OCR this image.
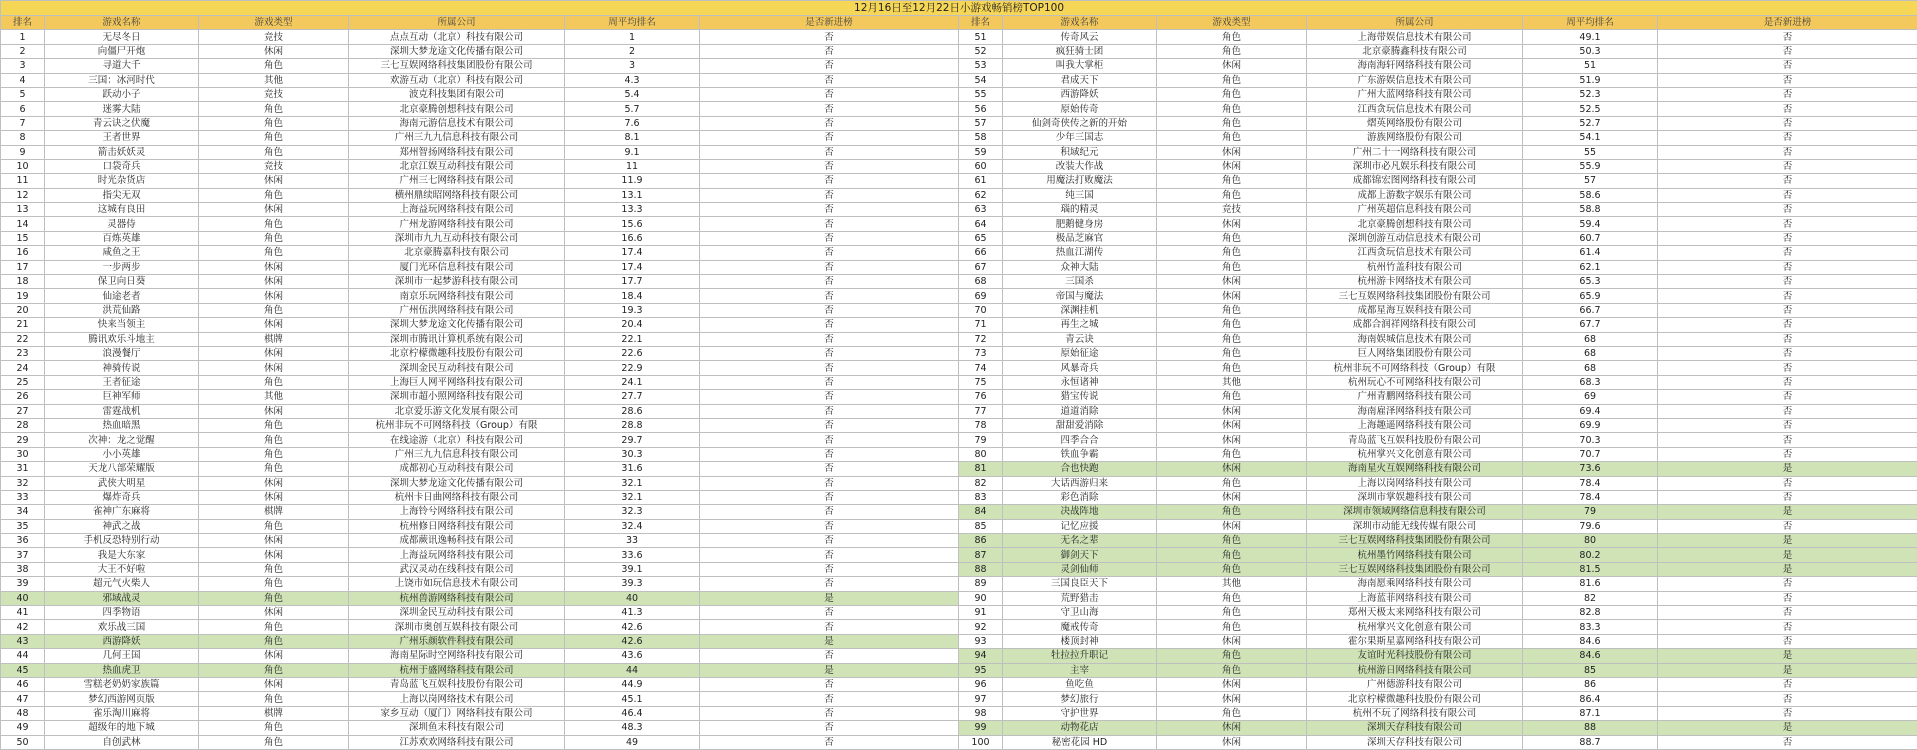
12月16日至12月22日小游戏畅销榜TOP100											
排名	游戏名称	游戏类型	所属公司	周平均排名	是否新进榜	排名	游戏名称	游戏类型	所属公司	周平均排名	是否新进榜
1	无尽冬日	竞技	点点互动（北京）科技有限公司	1	否	51	传奇风云	角色	上海带娱信息技术有限公司	49.1	否
2	向僵尸开炮	休闲	深圳大梦龙途文化传播有限公司	2	否	52	疯狂骑士团	角色	北京豪腾鑫科技有限公司	50.3	否
3	寻道大千	角色	三七互娱网络科技集团股份有限公司	3	否	53	叫我大掌柜	休闲	海南海轩网络科技有限公司	51	否
4	三国：冰河时代	其他	欢游互动（北京）科技有限公司	4.3	否	54	君成天下	角色	广东游娱信息技术有限公司	51.9	否
5	跃动小子	竞技	波克科技集团有限公司	5.4	否	55	西游降妖	角色	广州大蓝网络科技有限公司	52.3	否
6	迷雾大陆	角色	北京豪腾创想科技有限公司	5.7	否	56	原始传奇	角色	江西贪玩信息技术有限公司	52.5	否
7	青云诀之伏魔	角色	海南元游信息技术有限公司	7.6	否	57	仙剑奇侠传之新的开始	角色	熠英网络股份有限公司	52.7	否
8	王者世界	角色	广州三九九信息科技有限公司	8.1	否	58	少年三国志	角色	游族网络股份有限公司	54.1	否
9	箭击妖妖灵	角色	郑州智扬网络科技有限公司	9.1	否	59	积域纪元	休闲	广州二十一网络科技有限公司	55	否
10	口袋奇兵	竞技	北京江娱互动科技有限公司	11	否	60	改装大作战	休闲	深圳市必凡娱乐科技有限公司	55.9	否
11	时光杂货店	休闲	广州三七网络科技有限公司	11.9	否	61	用魔法打败魔法	角色	成都锦宏图网络科技有限公司	57	否
12	指尖无双	角色	横州鼎续昭网络科技有限公司	13.1	否	62	纯三国	角色	成都上游数字娱乐有限公司	58.6	否
13	这城有良田	休闲	上海益玩网络科技有限公司	13.3	否	63	瑙的精灵	竞技	广州英超信息科技有限公司	58.8	否
14	灵器侍	角色	广州龙游网络科技有限公司	15.6	否	64	肥鹅健身房	休闲	北京豪腾创想科技有限公司	59.4	否
15	百炼英雄	角色	深圳市九九互动科技有限公司	16.6	否	65	极品芝麻官	角色	深圳创游互动信息技术有限公司	60.7	否
16	咸鱼之王	角色	北京豪腾嘉科技有限公司	17.4	否	66	热血江湖传	角色	江西贪玩信息技术有限公司	61.4	否
17	一步两步	休闲	厦门光环信息科技有限公司	17.4	否	67	众神大陆	角色	杭州竹盖科技有限公司	62.1	否
18	保卫向日葵	休闲	深圳市一起梦游科技有限公司	17.7	否	68	三国杀	休闲	杭州游卡网络技术有限公司	65.3	否
19	仙途老者	休闲	南京乐玩网络科技有限公司	18.4	否	69	帝国与魔法	休闲	三七互娱网络科技集团股份有限公司	65.9	否
20	洪荒仙路	角色	广州伍洪网络科技有限公司	19.3	否	70	深渊挂机	角色	成都星海互娱科技有限公司	66.7	否
21	快来当领主	休闲	深圳大梦龙途文化传播有限公司	20.4	否	71	再生之城	角色	成都合润祥网络科技有限公司	67.7	否
22	腾讯欢乐斗地主	棋牌	深圳市腾讯计算机系统有限公司	22.1	否	72	青云诀	角色	海南娱城信息技术有限公司	68	否
23	浪漫餐厅	休闲	北京柠檬微趣科技股份有限公司	22.6	否	73	原始征途	角色	巨人网络集团股份有限公司	68	否
24	神骑传说	休闲	深圳金民互动科技有限公司	22.9	否	74	风暴奇兵	角色	杭州非玩不可网络科技（Group）有限	68	否
25	王者征途	角色	上海巨人网平网络科技有限公司	24.1	否	75	永恒诸神	其他	杭州玩心不可网络科技有限公司	68.3	否
26	巨神军师	其他	深圳市超小照网络科技有限公司	27.7	否	76	猎宝传说	角色	广州青鹏网络科技有限公司	69	否
27	雷霆战机	休闲	北京爱乐游文化发展有限公司	28.6	否	77	道道消除	休闲	海南雇泽网络科技有限公司	69.4	否
28	热血暗黑	角色	杭州非玩不可网络科技（Group）有限	28.8	否	78	甜甜爱消除	休闲	上海趣遥网络科技有限公司	69.9	否
29	次神：龙之觉醒	角色	在线途游（北京）科技有限公司	29.7	否	79	四季合合	休闲	青岛蓝飞互娱科技股份有限公司	70.3	否
30	小小英雄	角色	广州三九九信息科技有限公司	30.3	否	80	铁血争霸	角色	杭州掌兴文化创意有限公司	70.7	否
31	天龙八部荣耀版	角色	成都初心互动科技有限公司	31.6	否	81	合也快跑	休闲	海南星火互娱网络科技有限公司	73.6	是
32	武侠大明星	休闲	深圳大梦龙途文化传播有限公司	32.1	否	82	大话西游归来	角色	上海以岗网络科技有限公司	78.4	否
33	爆炸奇兵	休闲	杭州卡日曲网络科技有限公司	32.1	否	83	彩色消除	休闲	深圳市掌娱趣科技有限公司	78.4	否
34	雀神广东麻将	棋牌	上海铃兮网络科技有限公司	32.3	否	84	决战阵地	角色	深圳市领域网络信息科技有限公司	79	是
35	神武之战	角色	杭州修日网络科技有限公司	32.4	否	85	记忆应援	休闲	深圳市动能无线传媒有限公司	79.6	否
36	手机反恐特别行动	休闲	成都蕨讯逸畅科技有限公司	33	否	86	无名之辈	角色	三七互娱网络科技集团股份有限公司	80	是
37	我是大东家	休闲	上海益玩网络科技有限公司	33.6	否	87	御剑天下	角色	杭州墨竹网络科技有限公司	80.2	是
38	大王不好啦	角色	武汉灵动在线科技有限公司	39.1	否	88	灵剑仙师	角色	三七互娱网络科技集团股份有限公司	81.5	是
39	超元气火柴人	角色	上饶市如玩信息技术有限公司	39.3	否	89	三国良臣天下	其他	海南愿乘网络科技有限公司	81.6	否
40	邪域战灵	角色	杭州兽游网络科技有限公司	40	是	90	荒野猎击	角色	上海蓝菲网络科技有限公司	82	否
41	四季物语	休闲	深圳金民互动科技有限公司	41.3	否	91	守卫山海	角色	郑州天极太来网络科技有限公司	82.8	否
42	欢乐战三国	角色	深圳市奥创互娱科技有限公司	42.6	否	92	魔戒传奇	角色	杭州掌兴文化创意有限公司	83.3	否
43	西游降妖	角色	广州乐颜软件科技有限公司	42.6	是	93	楼顶封神	休闲	霍尔果斯星嘉网络科技有限公司	84.6	否
44	几何王国	休闲	海南星际时空网络科技有限公司	43.6	否	94	牡拉拉升职记	角色	友谊时光科技股份有限公司	84.6	是
45	热血虎卫	角色	杭州于盛网络科技有限公司	44	是	95	主宰	角色	杭州游日网络科技有限公司	85	是
46	雪糕老奶奶家族篇	休闲	青岛蓝飞互娱科技股份有限公司	44.9	否	96	鱼吃鱼	休闲	广州德游科技有限公司	86	否
47	梦幻西游网页版	角色	上海以岗网络技术有限公司	45.1	否	97	梦幻旅行	休闲	北京柠檬微趣科技股份有限公司	86.4	否
48	雀乐淘川麻将	棋牌	家乡互动（厦门）网络科技有限公司	46.4	否	98	守护世界	角色	杭州不玩了网络科技有限公司	87.1	否
49	超级年的地下城	角色	深圳鱼末科技有限公司	48.3	否	99	动物花店	休闲	深圳天存科技有限公司	88	是
50	自创武林	角色	江苏欢欢网络科技有限公司	49	否	100	秘密花园 HD	休闲	深圳天存科技有限公司	88.7	否
